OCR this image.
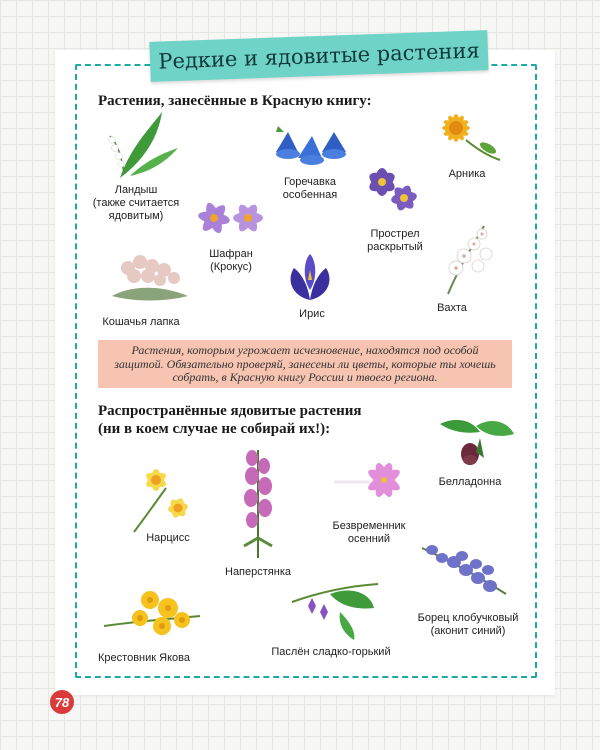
Редкие и ядовитые растения
Растения, занесённые в Красную книгу:
Ландыш
(также считается
ядовитым)
Горечавка
особенная
Арника
Шафран
(Крокус)
Прострел
раскрытый
Кошачья лапка
Ирис	Вахта
Растения, которым угрожает исчезновение, находятся под особой защитой. Обязательно проверяй, занесены ли цветы, которые ты хочешь собрать, в Красную книгу России и твоего региона.
Распространённые ядовитые растения
(ни в коем случае не собирай их!):
Белладонна
Нарцисс
Наперстянка
Безвременник
осенний
Крестовник Якова	Паслён сладко-горький
Борец клобучковый
(аконит синий)
78
